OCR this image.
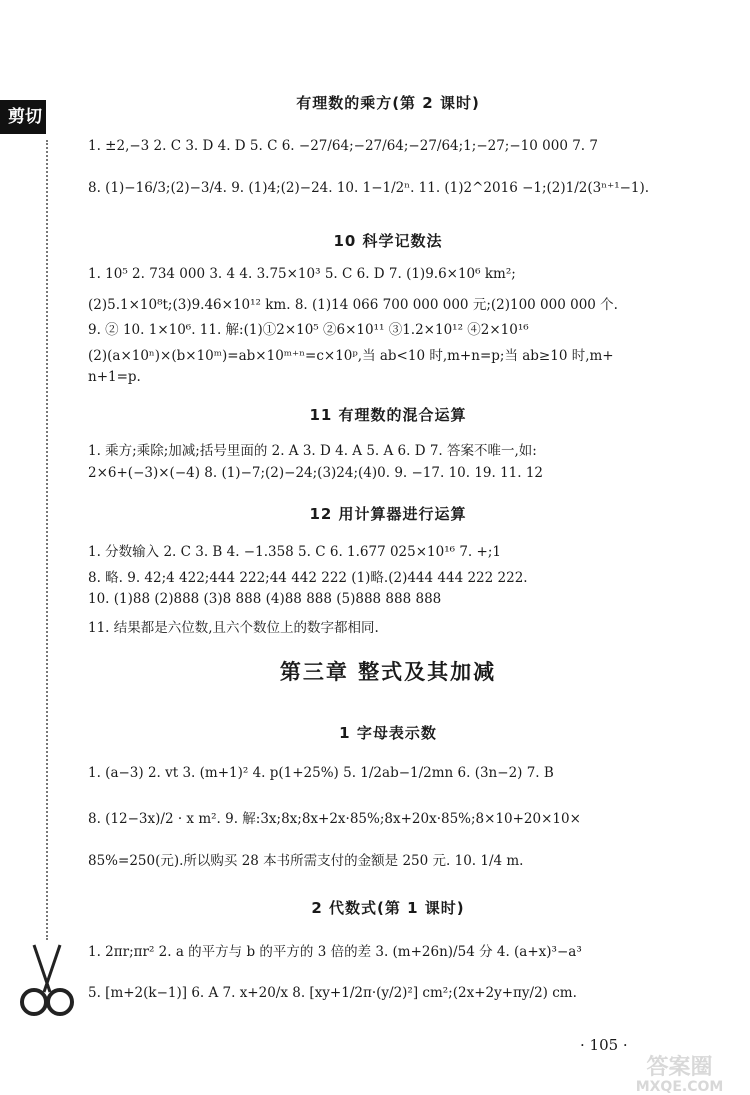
剪切线
有理数的乘方(第 2 课时)
1. ±2,−3 2. C 3. D 4. D 5. C 6. −27/64;−27/64;−27/64;1;−27;−10 000 7. 7
8. (1)−16/3;(2)−3/4. 9. (1)4;(2)−24. 10. 1−1/2ⁿ. 11. (1)2^2016 −1;(2)1/2(3ⁿ⁺¹−1).
10 科学记数法
1. 10⁵ 2. 734 000 3. 4 4. 3.75×10³ 5. C 6. D 7. (1)9.6×10⁶ km²;
(2)5.1×10⁸t;(3)9.46×10¹² km. 8. (1)14 066 700 000 000 元;(2)100 000 000 个.
9. ② 10. 1×10⁶. 11. 解:(1)①2×10⁵ ②6×10¹¹ ③1.2×10¹² ④2×10¹⁶
(2)(a×10ⁿ)×(b×10ᵐ)=ab×10ᵐ⁺ⁿ=c×10ᵖ,当 ab<10 时,m+n=p;当 ab≥10 时,m+
n+1=p.
11 有理数的混合运算
1. 乘方;乘除;加减;括号里面的 2. A 3. D 4. A 5. A 6. D 7. 答案不唯一,如:
2×6+(−3)×(−4) 8. (1)−7;(2)−24;(3)24;(4)0. 9. −17. 10. 19. 11. 12
12 用计算器进行运算
1. 分数输入 2. C 3. B 4. −1.358 5. C 6. 1.677 025×10¹⁶ 7. +;1
8. 略. 9. 42;4 422;444 222;44 442 222 (1)略.(2)444 444 222 222.
10. (1)88 (2)888 (3)8 888 (4)88 888 (5)888 888 888
11. 结果都是六位数,且六个数位上的数字都相同.
第三章 整式及其加减
1 字母表示数
1. (a−3) 2. vt 3. (m+1)² 4. p(1+25%) 5. 1/2ab−1/2mn 6. (3n−2) 7. B
8. (12−3x)/2 · x m². 9. 解:3x;8x;8x+2x·85%;8x+20x·85%;8×10+20×10×
85%=250(元).所以购买 28 本书所需支付的金额是 250 元. 10. 1/4 m.
2 代数式(第 1 课时)
1. 2πr;πr² 2. a 的平方与 b 的平方的 3 倍的差 3. (m+26n)/54 分 4. (a+x)³−a³
5. [m+2(k−1)] 6. A 7. x+20/x 8. [xy+1/2π·(y/2)²] cm²;(2x+2y+πy/2) cm.
· 105 ·
答案圈
MXQE.COM
